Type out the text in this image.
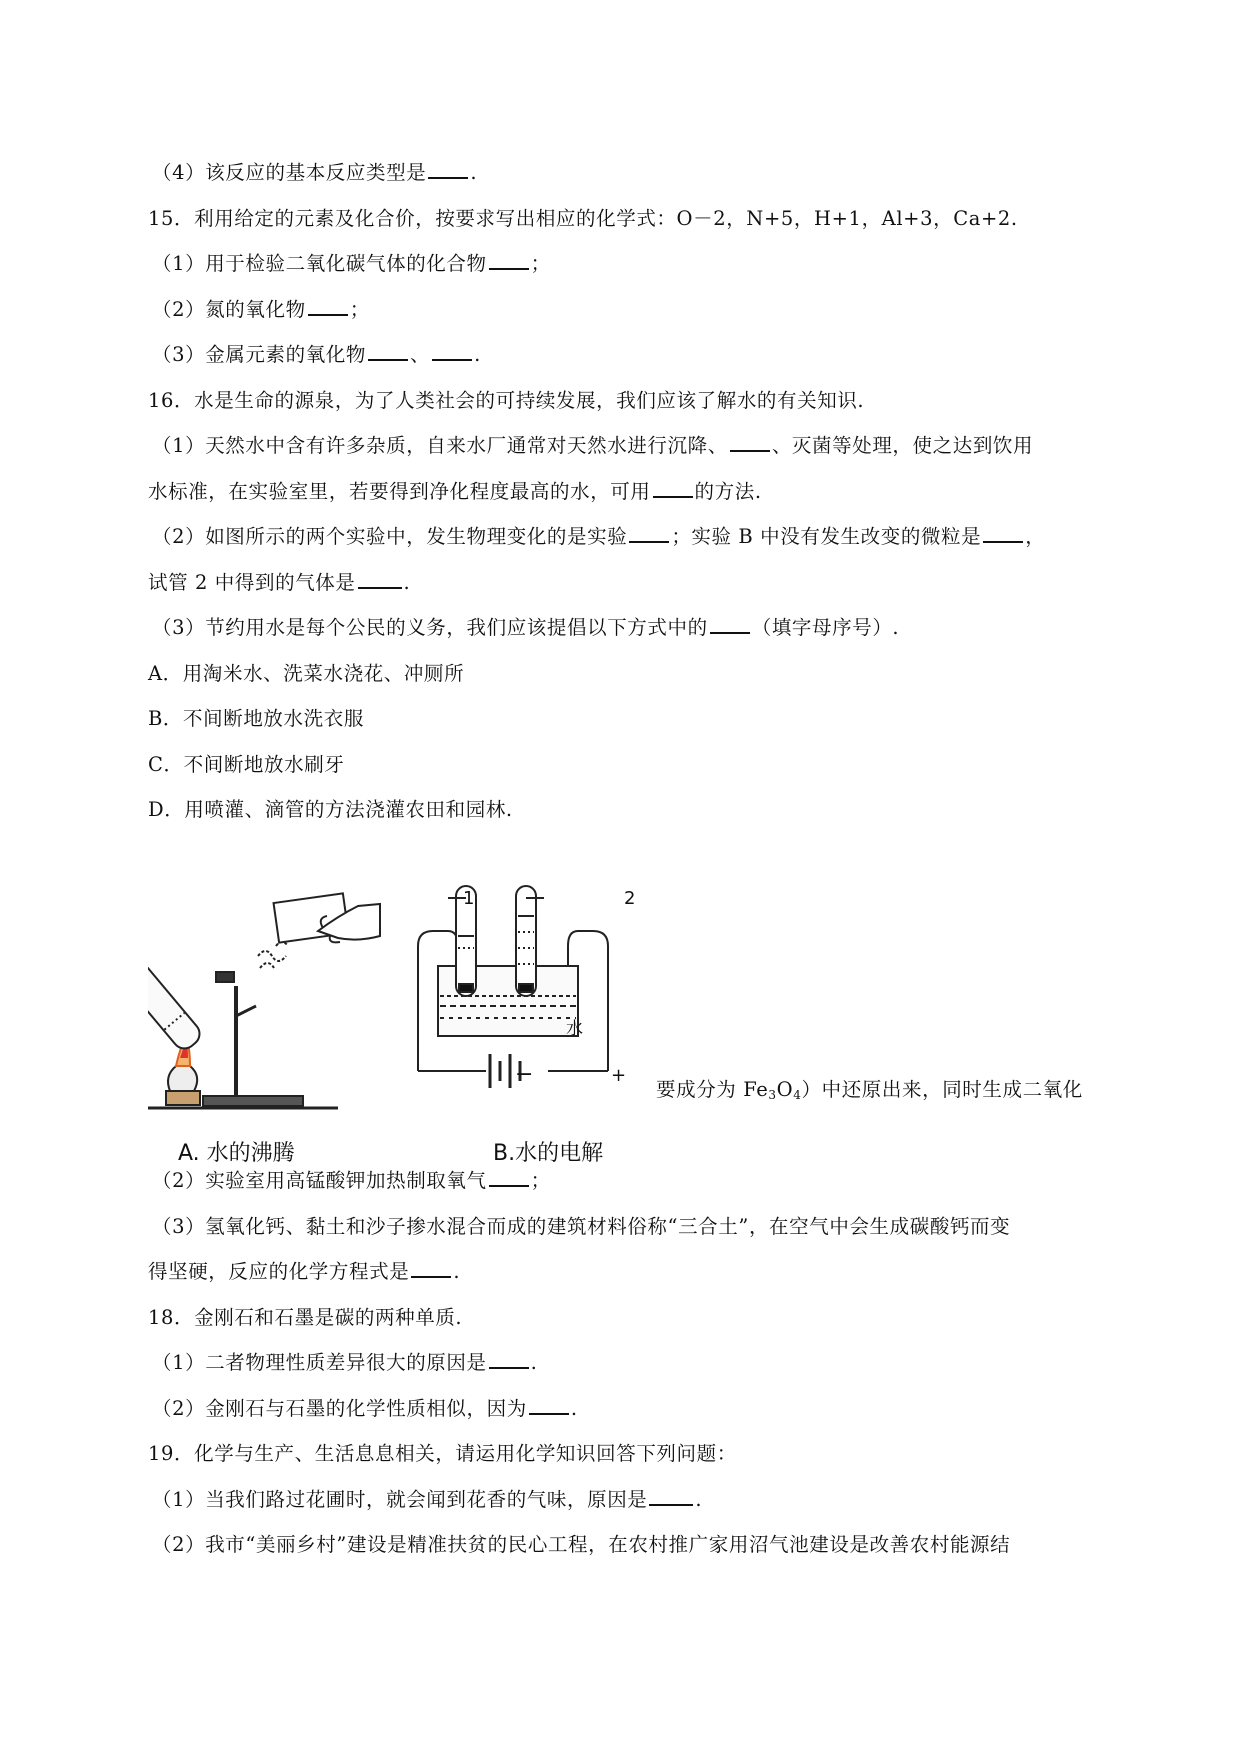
（4）该反应的基本反应类型是 .
15．利用给定的元素及化合价，按要求写出相应的化学式：O－2，N+5，H+1，Al+3，Ca+2.
（1）用于检验二氧化碳气体的化合物 ；
（2）氮的氧化物 ；
（3）金属元素的氧化物 、 .
16．水是生命的源泉，为了人类社会的可持续发展，我们应该了解水的有关知识.
（1）天然水中含有许多杂质，自来水厂通常对天然水进行沉降、 、灭菌等处理，使之达到饮用
水标准，在实验室里，若要得到净化程度最高的水，可用 的方法.
（2）如图所示的两个实验中，发生物理变化的是实验 ；实验 B 中没有发生改变的微粒是 ，
试管 2 中得到的气体是 .
（3）节约用水是每个公民的义务，我们应该提倡以下方式中的 （填字母序号）.
A．用淘米水、洗菜水浇花、冲厕所
B．不间断地放水洗衣服
C．不间断地放水刷牙
D．用喷灌、滴管的方法浇灌农田和园林.
要成分为 $Fe_3O_4$）中还原出来，同时生成二氧化
1	2
水
−	+
A. 水的沸腾	B.水的电解
（2）实验室用高锰酸钾加热制取氧气 ；
（3）氢氧化钙、黏土和沙子掺水混合而成的建筑材料俗称“三合土”，在空气中会生成碳酸钙而变
得坚硬，反应的化学方程式是 .
18．金刚石和石墨是碳的两种单质.
（1）二者物理性质差异很大的原因是 .
（2）金刚石与石墨的化学性质相似，因为 .
19．化学与生产、生活息息相关，请运用化学知识回答下列问题：
（1）当我们路过花圃时，就会闻到花香的气味，原因是 .
（2）我市“美丽乡村”建设是精准扶贫的民心工程，在农村推广家用沼气池建设是改善农村能源结
